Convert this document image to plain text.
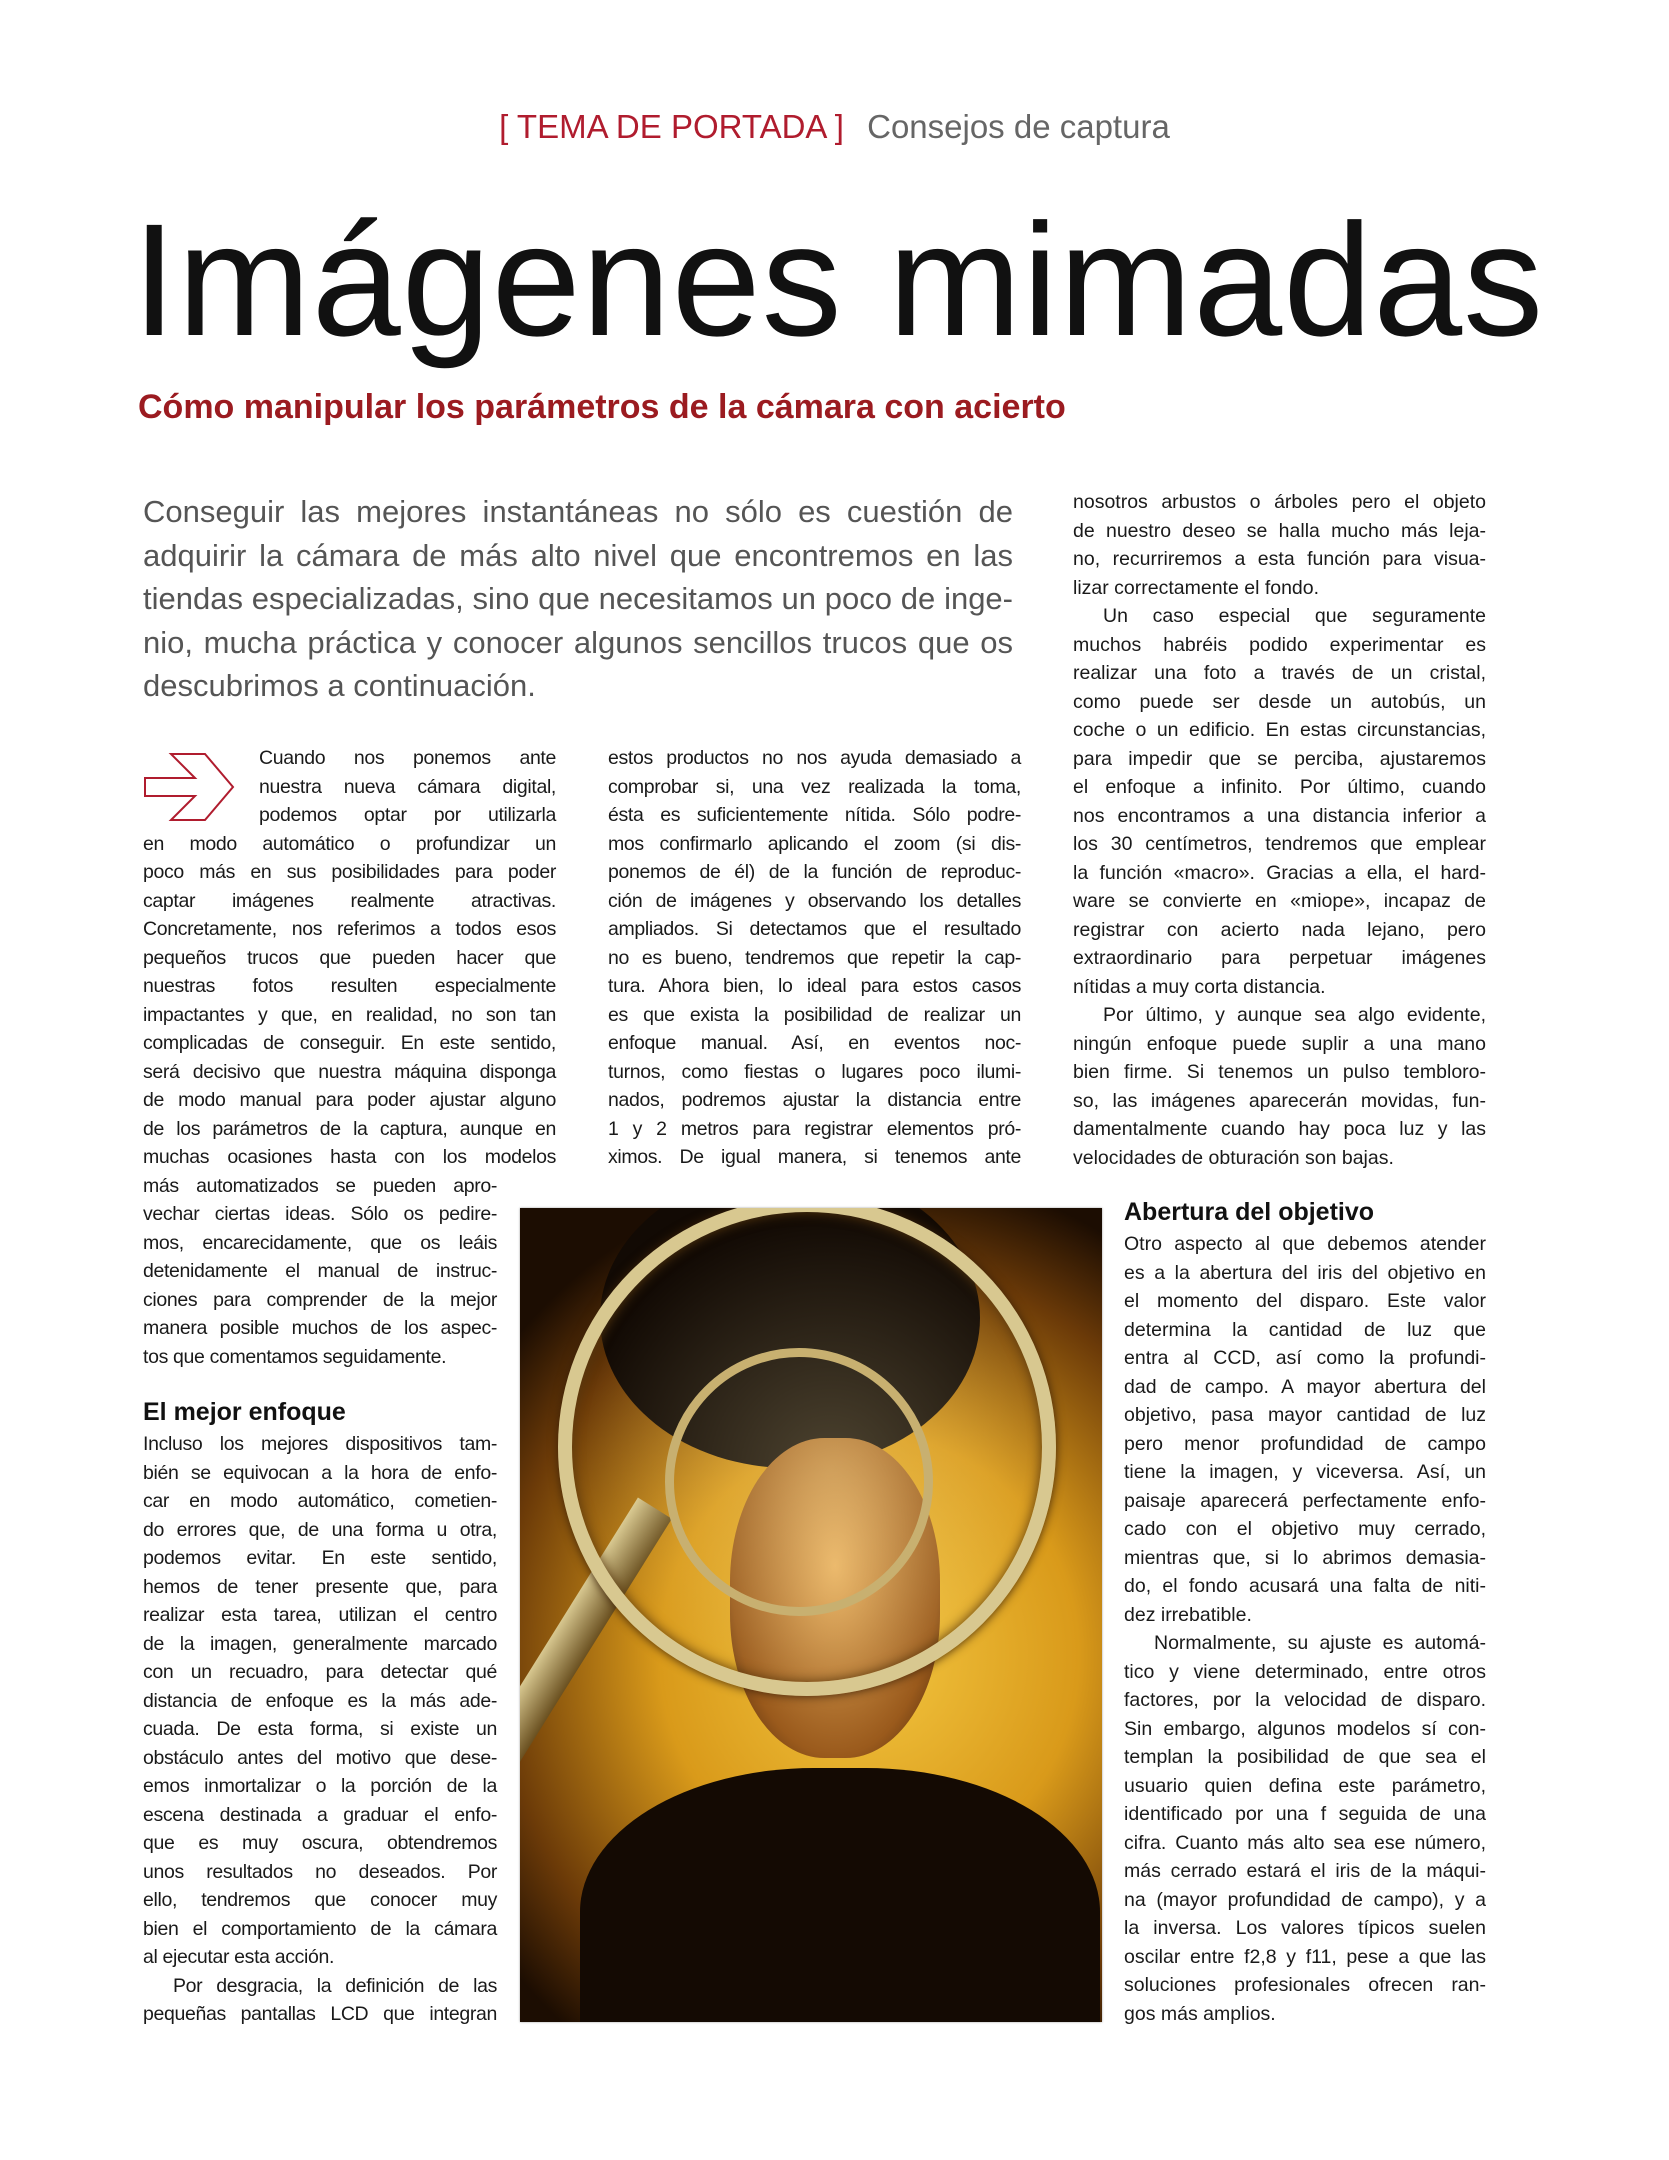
[ TEMA DE PORTADA ] Consejos de captura
Imágenes mimadas
Cómo manipular los parámetros de la cámara con acierto
Conseguir las mejores instantáneas no sólo es cuestión de
adquirir la cámara de más alto nivel que encontremos en las
tiendas especializadas, sino que necesitamos un poco de inge-
nio, mucha práctica y conocer algunos sencillos trucos que os
descubrimos a continuación.
Cuando nos ponemos ante
nuestra nueva cámara digital,
podemos optar por utilizarla
en modo automático o profundizar un
poco más en sus posibilidades para poder
captar imágenes realmente atractivas.
Concretamente, nos referimos a todos esos
pequeños trucos que pueden hacer que
nuestras fotos resulten especialmente
impactantes y que, en realidad, no son tan
complicadas de conseguir. En este sentido,
será decisivo que nuestra máquina disponga
de modo manual para poder ajustar alguno
de los parámetros de la captura, aunque en
muchas ocasiones hasta con los modelos
más automatizados se pueden apro-
vechar ciertas ideas. Sólo os pedire-
mos, encarecidamente, que os leáis
detenidamente el manual de instruc-
ciones para comprender de la mejor
manera posible muchos de los aspec-
tos que comentamos seguidamente.
El mejor enfoque
Incluso los mejores dispositivos tam-
bién se equivocan a la hora de enfo-
car en modo automático, cometien-
do errores que, de una forma u otra,
podemos evitar. En este sentido,
hemos de tener presente que, para
realizar esta tarea, utilizan el centro
de la imagen, generalmente marcado
con un recuadro, para detectar qué
distancia de enfoque es la más ade-
cuada. De esta forma, si existe un
obstáculo antes del motivo que dese-
emos inmortalizar o la porción de la
escena destinada a graduar el enfo-
que es muy oscura, obtendremos
unos resultados no deseados. Por
ello, tendremos que conocer muy
bien el comportamiento de la cámara
al ejecutar esta acción.
Por desgracia, la definición de las
pequeñas pantallas LCD que integran
estos productos no nos ayuda demasiado a
comprobar si, una vez realizada la toma,
ésta es suficientemente nítida. Sólo podre-
mos confirmarlo aplicando el zoom (si dis-
ponemos de él) de la función de reproduc-
ción de imágenes y observando los detalles
ampliados. Si detectamos que el resultado
no es bueno, tendremos que repetir la cap-
tura. Ahora bien, lo ideal para estos casos
es que exista la posibilidad de realizar un
enfoque manual. Así, en eventos noc-
turnos, como fiestas o lugares poco ilumi-
nados, podremos ajustar la distancia entre
1 y 2 metros para registrar elementos pró-
ximos. De igual manera, si tenemos ante
nosotros arbustos o árboles pero el objeto
de nuestro deseo se halla mucho más leja-
no, recurriremos a esta función para visua-
lizar correctamente el fondo.
Un caso especial que seguramente
muchos habréis podido experimentar es
realizar una foto a través de un cristal,
como puede ser desde un autobús, un
coche o un edificio. En estas circunstancias,
para impedir que se perciba, ajustaremos
el enfoque a infinito. Por último, cuando
nos encontramos a una distancia inferior a
los 30 centímetros, tendremos que emplear
la función «macro». Gracias a ella, el hard-
ware se convierte en «miope», incapaz de
registrar con acierto nada lejano, pero
extraordinario para perpetuar imágenes
nítidas a muy corta distancia.
Por último, y aunque sea algo evidente,
ningún enfoque puede suplir a una mano
bien firme. Si tenemos un pulso tembloro-
so, las imágenes aparecerán movidas, fun-
damentalmente cuando hay poca luz y las
velocidades de obturación son bajas.
Abertura del objetivo
Otro aspecto al que debemos atender
es a la abertura del iris del objetivo en
el momento del disparo. Este valor
determina la cantidad de luz que
entra al CCD, así como la profundi-
dad de campo. A mayor abertura del
objetivo, pasa mayor cantidad de luz
pero menor profundidad de campo
tiene la imagen, y viceversa. Así, un
paisaje aparecerá perfectamente enfo-
cado con el objetivo muy cerrado,
mientras que, si lo abrimos demasia-
do, el fondo acusará una falta de niti-
dez irrebatible.
Normalmente, su ajuste es automá-
tico y viene determinado, entre otros
factores, por la velocidad de disparo.
Sin embargo, algunos modelos sí con-
templan la posibilidad de que sea el
usuario quien defina este parámetro,
identificado por una f seguida de una
cifra. Cuanto más alto sea ese número,
más cerrado estará el iris de la máqui-
na (mayor profundidad de campo), y a
la inversa. Los valores típicos suelen
oscilar entre f2,8 y f11, pese a que las
soluciones profesionales ofrecen ran-
gos más amplios.
